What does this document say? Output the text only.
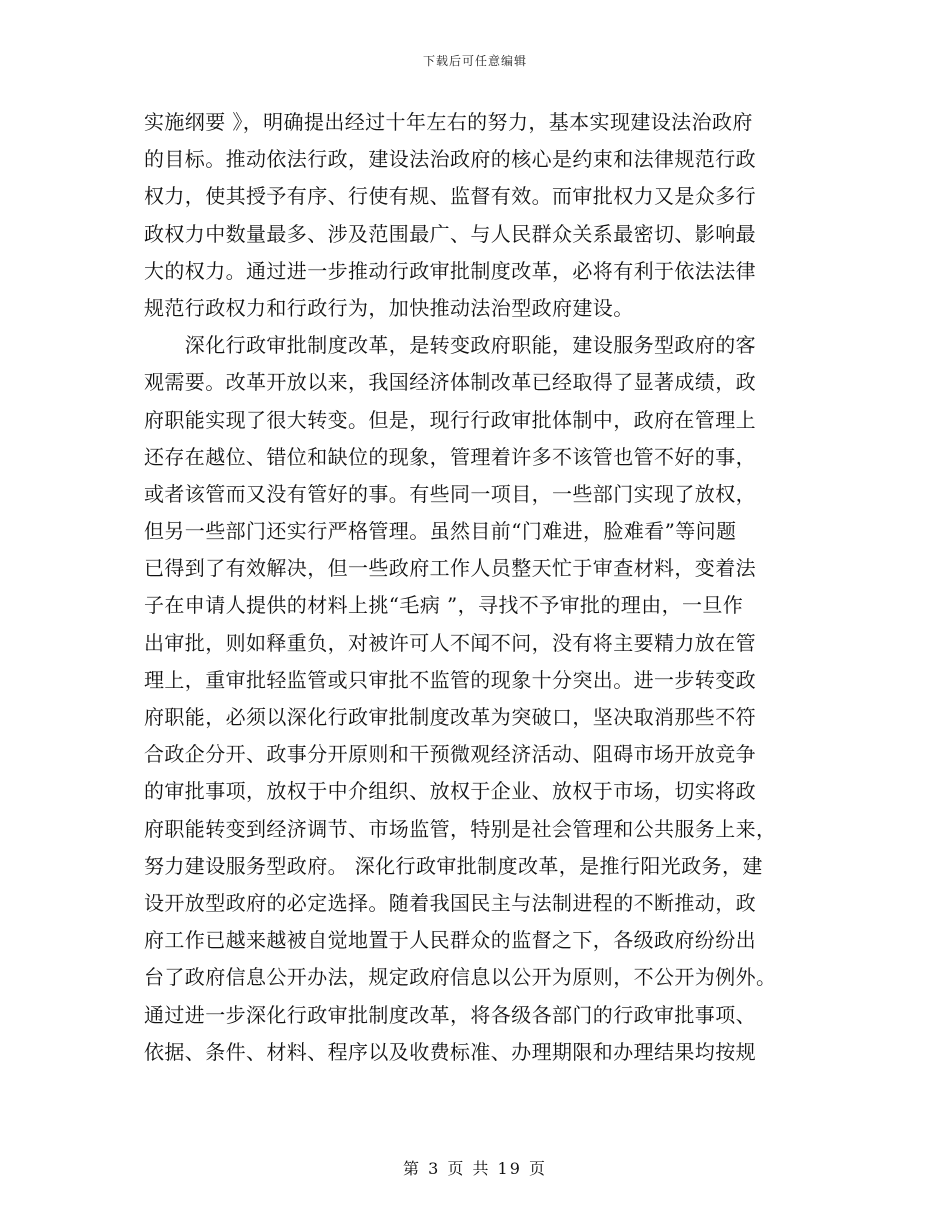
下载后可任意编辑
实施纲要 》，明确提出经过十年左右的努力，基本实现建设法治政府
的目标。推动依法行政，建设法治政府的核心是约束和法律规范行政
权力，使其授予有序、行使有规、监督有效。而审批权力又是众多行
政权力中数量最多、涉及范围最广、与人民群众关系最密切、影响最
大的权力。通过进一步推动行政审批制度改革，必将有利于依法法律
规范行政权力和行政行为，加快推动法治型政府建设。
　　深化行政审批制度改革，是转变政府职能，建设服务型政府的客
观需要。改革开放以来，我国经济体制改革已经取得了显著成绩，政
府职能实现了很大转变。但是，现行行政审批体制中，政府在管理上
还存在越位、错位和缺位的现象，管理着许多不该管也管不好的事，
或者该管而又没有管好的事。有些同一项目，一些部门实现了放权，
但另一些部门还实行严格管理。虽然目前“门难进，脸难看”等问题
已得到了有效解决，但一些政府工作人员整天忙于审查材料，变着法
子在申请人提供的材料上挑“毛病 ”，寻找不予审批的理由，一旦作
出审批，则如释重负，对被许可人不闻不问，没有将主要精力放在管
理上，重审批轻监管或只审批不监管的现象十分突出。进一步转变政
府职能，必须以深化行政审批制度改革为突破口，坚决取消那些不符
合政企分开、政事分开原则和干预微观经济活动、阻碍市场开放竞争
的审批事项，放权于中介组织、放权于企业、放权于市场，切实将政
府职能转变到经济调节、市场监管，特别是社会管理和公共服务上来，
努力建设服务型政府。 深化行政审批制度改革，是推行阳光政务，建
设开放型政府的必定选择。随着我国民主与法制进程的不断推动，政
府工作已越来越被自觉地置于人民群众的监督之下，各级政府纷纷出
台了政府信息公开办法，规定政府信息以公开为原则，不公开为例外。
通过进一步深化行政审批制度改革，将各级各部门的行政审批事项、
依据、条件、材料、程序以及收费标准、办理期限和办理结果均按规
第 3 页 共 19 页
